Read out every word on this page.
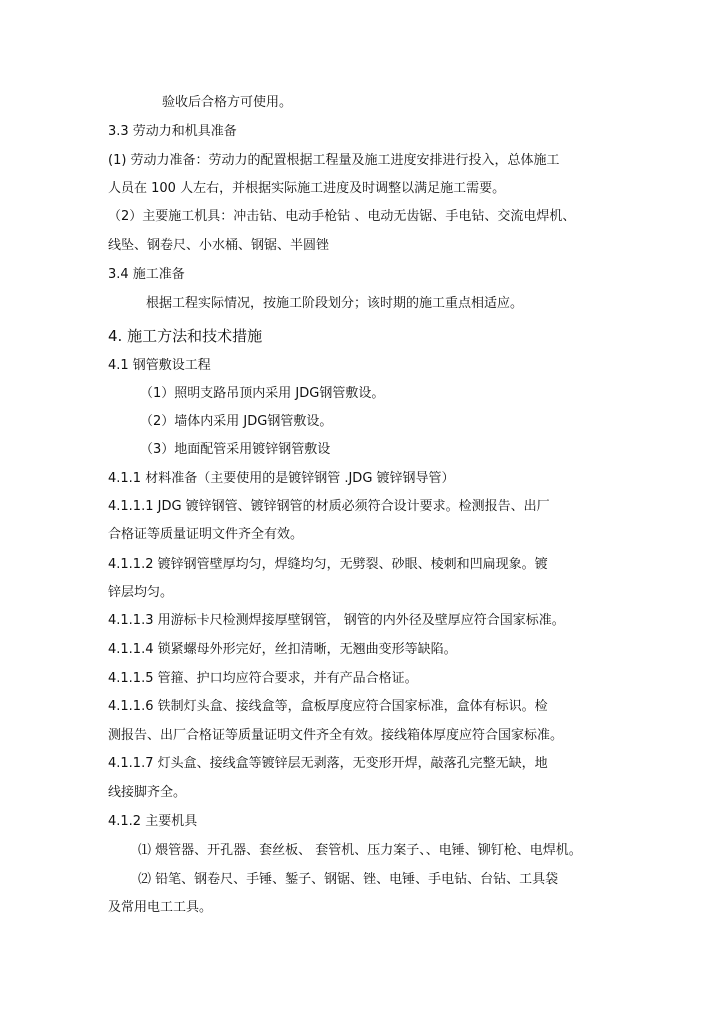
验收后合格方可使用。
3.3 劳动力和机具准备
(1) 劳动力准备：劳动力的配置根据工程量及施工进度安排进行投入，总体施工
人员在 100 人左右，并根据实际施工进度及时调整以满足施工需要。
（2）主要施工机具：冲击钻、电动手枪钻 、电动无齿锯、手电钻、交流电焊机、
线坠、钢卷尺、小水桶、钢锯、半圆锉
3.4 施工准备
根据工程实际情况，按施工阶段划分；该时期的施工重点相适应。
4. 施工方法和技术措施
4.1 钢管敷设工程
（1）照明支路吊顶内采用 JDG钢管敷设。
（2）墙体内采用 JDG钢管敷设。
（3）地面配管采用镀锌钢管敷设
4.1.1 材料准备（主要使用的是镀锌钢管 .JDG 镀锌钢导管）
4.1.1.1 JDG 镀锌钢管、镀锌钢管的材质必须符合设计要求。检测报告、出厂
合格证等质量证明文件齐全有效。
4.1.1.2 镀锌钢管壁厚均匀，焊缝均匀，无劈裂、砂眼、棱刺和凹扁现象。镀
锌层均匀。
4.1.1.3 用游标卡尺检测焊接厚壁钢管， 钢管的内外径及壁厚应符合国家标准。
4.1.1.4 锁紧螺母外形完好，丝扣清晰，无翘曲变形等缺陷。
4.1.1.5 管箍、护口均应符合要求，并有产品合格证。
4.1.1.6 铁制灯头盒、接线盒等，盒板厚度应符合国家标准，盒体有标识。检
测报告、出厂合格证等质量证明文件齐全有效。接线箱体厚度应符合国家标准。
4.1.1.7 灯头盒、接线盒等镀锌层无剥落，无变形开焊，敲落孔完整无缺，地
线接脚齐全。
4.1.2 主要机具
⑴ 煨管器、开孔器、套丝板、 套管机、压力案子、、电锤、铆钉枪、电焊机。
⑵ 铅笔、钢卷尺、手锤、錾子、钢锯、锉、电锤、手电钻、台钻、工具袋
及常用电工工具。
